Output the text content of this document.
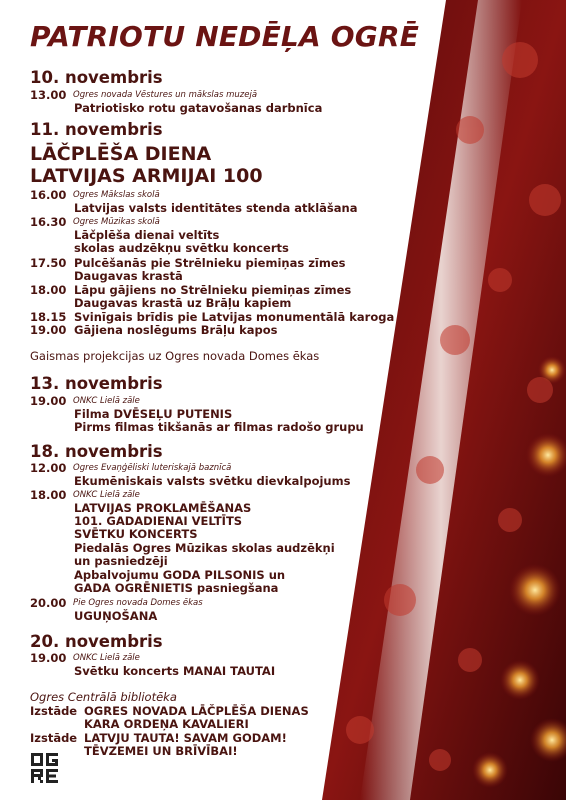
PATRIOTU NEDĒĻA OGRĒ
10. novembris
13.00 Ogres novada Vēstures un mākslas muzejā
Patriotisko rotu gatavošanas darbnīca
11. novembris
LĀČPLĒŠA DIENA
LATVIJAS ARMIJAI 100
16.00 Ogres Mākslas skolā
Latvijas valsts identitātes stenda atklāšana
16.30 Ogres Mūzikas skolā
Lāčplēša dienai veltīts
skolas audzēkņu svētku koncerts
17.50 Pulcēšanās pie Strēlnieku piemiņas zīmes
Daugavas krastā
18.00 Lāpu gājiens no Strēlnieku piemiņas zīmes
Daugavas krastā uz Brāļu kapiem
18.15 Svinīgais brīdis pie Latvijas monumentālā karoga
19.00 Gājiena noslēgums Brāļu kapos
Gaismas projekcijas uz Ogres novada Domes ēkas
13. novembris
19.00 ONKC Lielā zāle
Filma DVĒSEĻU PUTENIS
Pirms filmas tikšanās ar filmas radošo grupu
18. novembris
12.00 Ogres Evaņģēliski luteriskajā baznīcā
Ekumēniskais valsts svētku dievkalpojums
18.00 ONKC Lielā zāle
LATVIJAS PROKLAMĒŠANAS
101. GADADIENAI VELTĪTS
SVĒTKU KONCERTS
Piedalās Ogres Mūzikas skolas audzēkņi
un pasniedzēji
Apbalvojumu GODA PILSONIS un
GADA OGRĒNIETIS pasniegšana
20.00 Pie Ogres novada Domes ēkas
UGUŅOŠANA
20. novembris
19.00 ONKC Lielā zāle
Svētku koncerts MANAI TAUTAI
Ogres Centrālā bibliotēka
Izstāde OGRES NOVADA LĀČPLĒŠA DIENAS
KARA ORDEŅA KAVALIERI
Izstāde LATVJU TAUTA! SAVAM GODAM!
TĒVZEMEI UN BRĪVĪBAI!
